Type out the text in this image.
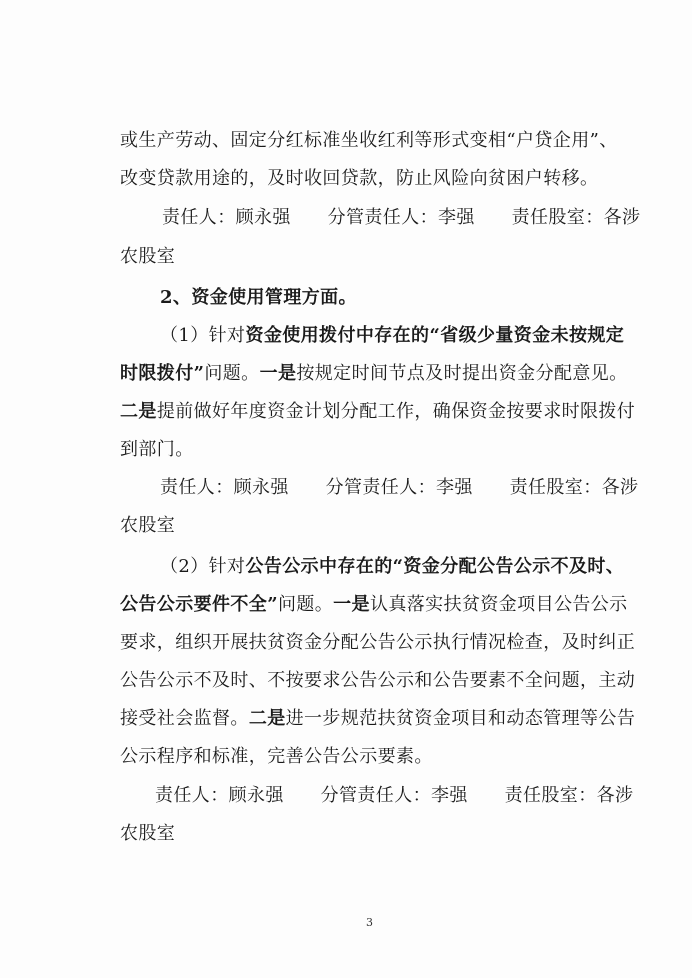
或生产劳动、固定分红标准坐收红利等形式变相“户贷企用”、
改变贷款用途的，及时收回贷款，防止风险向贫困户转移。
责任人：顾永强　　分管责任人：李强　　责任股室：各涉
农股室
2、资金使用管理方面。
（1）针对资金使用拨付中存在的“省级少量资金未按规定
时限拨付”问题。一是按规定时间节点及时提出资金分配意见。
二是提前做好年度资金计划分配工作，确保资金按要求时限拨付
到部门。
责任人：顾永强　　分管责任人：李强　　责任股室：各涉
农股室
（2）针对公告公示中存在的“资金分配公告公示不及时、
公告公示要件不全”问题。一是认真落实扶贫资金项目公告公示
要求，组织开展扶贫资金分配公告公示执行情况检查，及时纠正
公告公示不及时、不按要求公告公示和公告要素不全问题，主动
接受社会监督。二是进一步规范扶贫资金项目和动态管理等公告
公示程序和标准，完善公告公示要素。
责任人：顾永强　　分管责任人：李强　　责任股室：各涉
农股室
3
